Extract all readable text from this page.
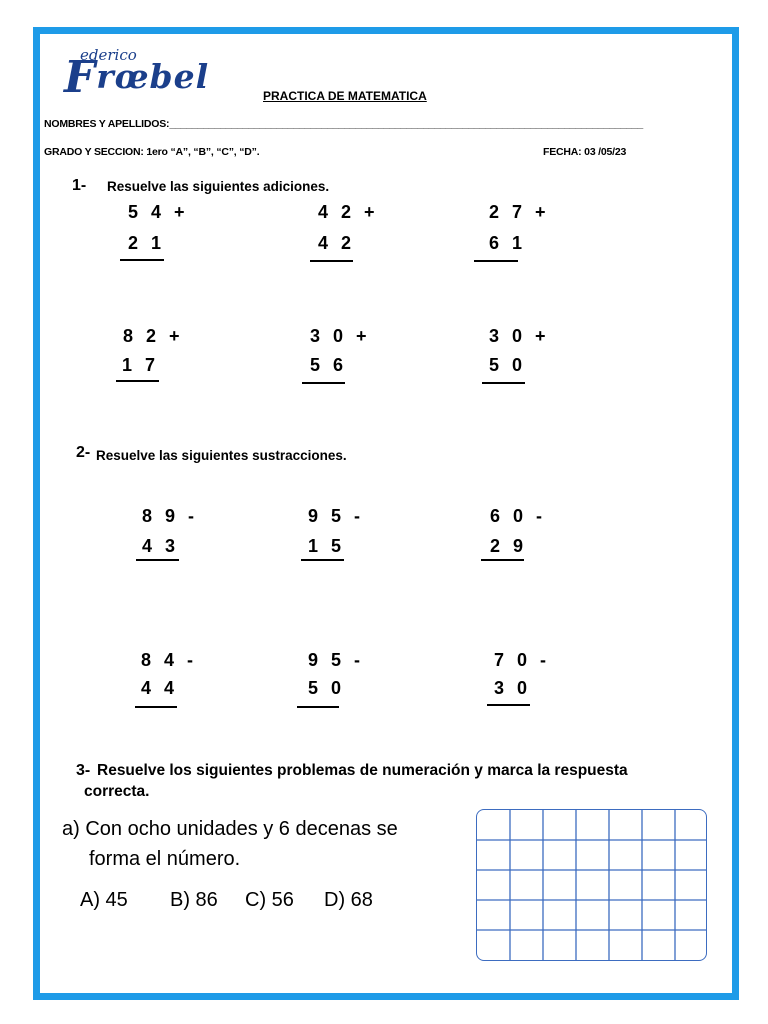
ederico
Frœbel	PRACTICA DE MATEMATICA
NOMBRES Y APELLIDOS:____________________________________________________________________________________
GRADO Y SECCION: 1ero “A”, “B”, “C”, “D”.	FECHA: 03 /05/23
1- Resuelve las siguientes adiciones.
5 4 +
2 1
4 2 +
4 2
2 7 +
6 1
8 2 +
1 7
3 0 +
5 6
3 0 +
5 0
2- Resuelve las siguientes sustracciones.
8 9 -
4 3
9 5 -
1 5
6 0 -
2 9
8 4 -
4 4
9 5 -
5 0
7 0 -
3 0
3- Resuelve los siguientes problemas de numeración y marca la respuesta
correcta.
a) Con ocho unidades y 6 decenas se
forma el número.
A) 45 B) 86 C) 56 D) 68
